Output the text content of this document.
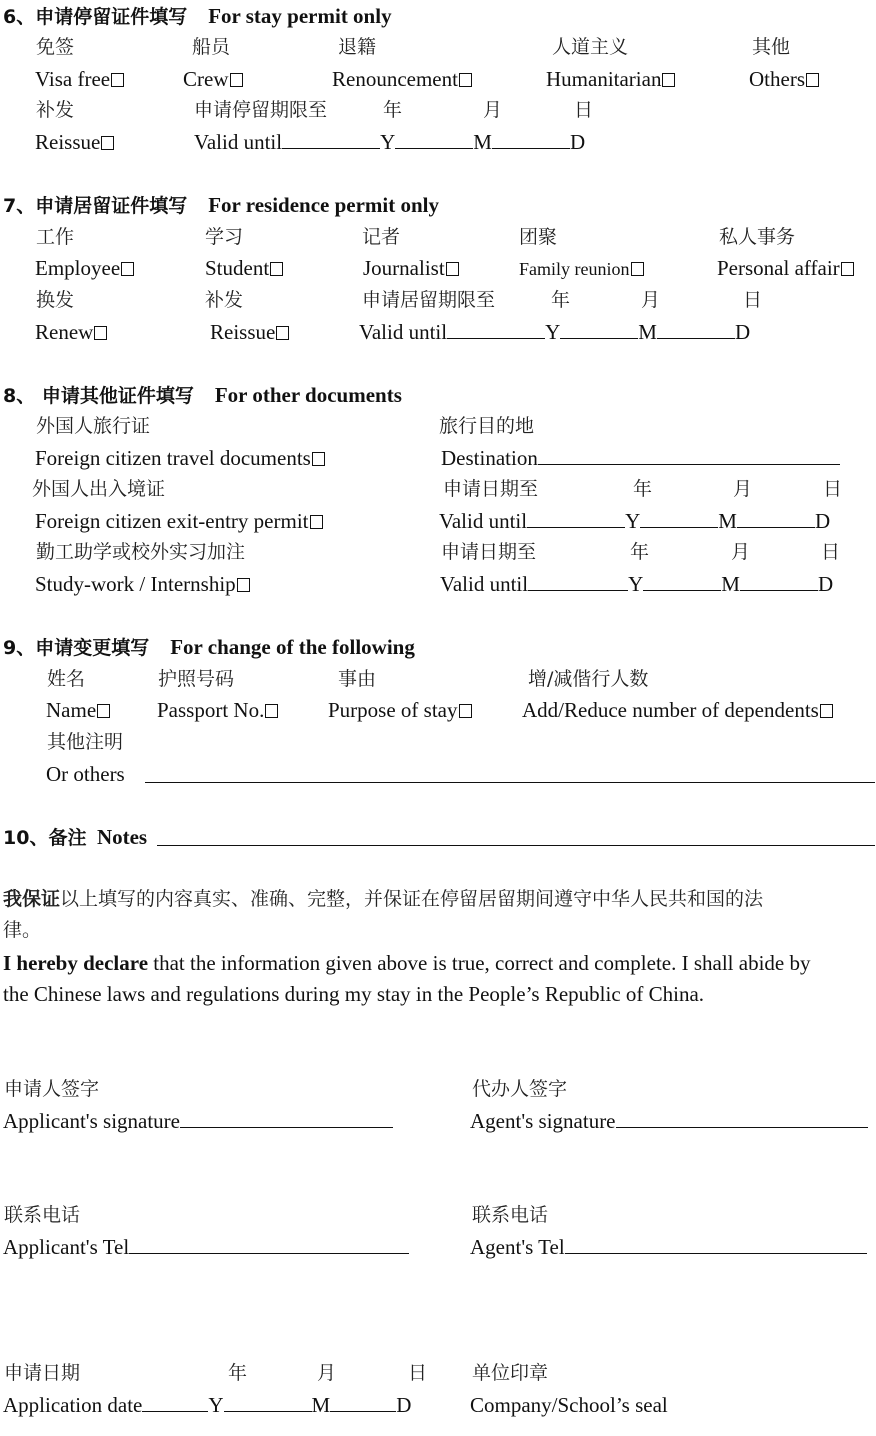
6、申请停留证件填写 For stay permit only
免签	船员	退籍	人道主义	其他
Visa free	Crew	Renouncement	Humanitarian	Others
补发	申请停留期限至	年	月	日
Reissue	Valid until	Y	M	D
7、申请居留证件填写 For residence permit only
工作	学习	记者	团聚	私人事务
Employee	Student	Journalist	Family reunion	Personal affair
换发	补发	申请居留期限至	年	月	日
Renew	Reissue	Valid until	Y	M	D
8、 申请其他证件填写 For other documents
外国人旅行证	旅行目的地
Foreign citizen travel documents	Destination
外国人出入境证	申请日期至	年	月	日
Foreign citizen exit-entry permit	Valid until	Y	M	D
勤工助学或校外实习加注	申请日期至	年	月	日
Study-work / Internship	Valid until	Y	M	D
9、申请变更填写 For change of the following
姓名	护照号码	事由	增/减偕行人数
Name	Passport No.	Purpose of stay	Add/Reduce number of dependents
其他注明
Or others
10、备注 Notes
我保证以上填写的内容真实、准确、完整，并保证在停留居留期间遵守中华人民共和国的法
律。
I hereby declare that the information given above is true, correct and complete. I shall abide by
the Chinese laws and regulations during my stay in the People’s Republic of China.
申请人签字	代办人签字
Applicant's signature	Agent's signature
联系电话	联系电话
Applicant's Tel	Agent's Tel
申请日期	年	月	日 单位印章
Application date	Y	M	D	Company/School’s seal
